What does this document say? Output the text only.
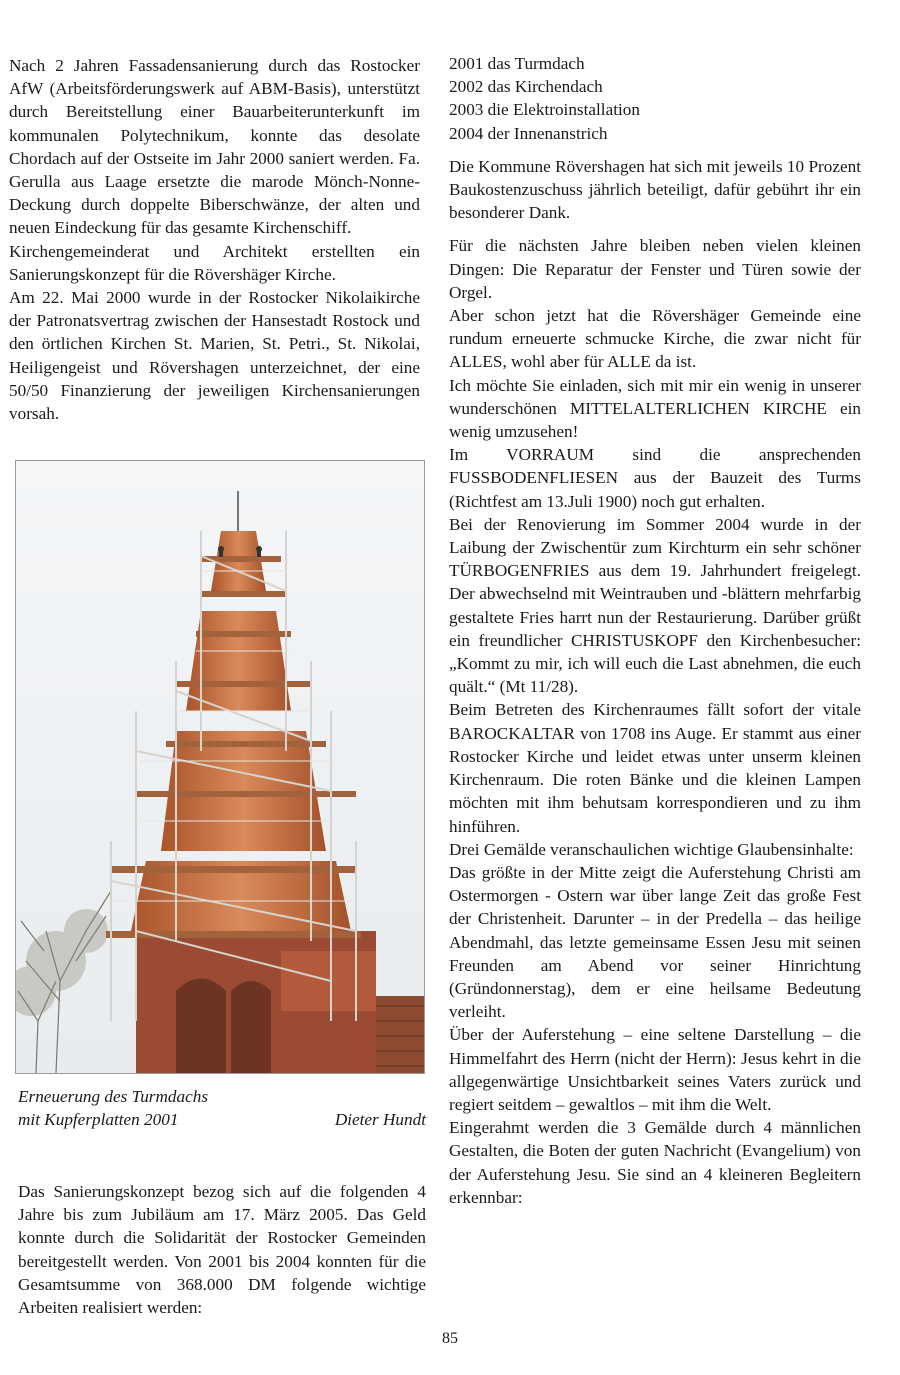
Nach 2 Jahren Fassadensanierung durch das Rostocker AfW (Arbeitsförderungswerk auf ABM-Basis), unterstützt durch Bereitstellung einer Bauarbeiterunterkunft im kommunalen Polytechnikum, konnte das desolate Chordach auf der Ostseite im Jahr 2000 saniert werden. Fa. Gerulla aus Laage ersetzte die marode Mönch-Nonne-Deckung durch doppelte Biberschwänze, der alten und neuen Eindeckung für das gesamte Kirchenschiff.

Kirchengemeinderat und Architekt erstellten ein Sanierungskonzept für die Rövershäger Kirche.

Am 22. Mai 2000 wurde in der Rostocker Nikolaikirche der Patronatsvertrag zwischen der Hansestadt Rostock und den örtlichen Kirchen St. Marien, St. Petri., St. Nikolai, Heiligengeist und Rövershagen unterzeichnet, der eine 50/50 Finanzierung der jeweiligen Kirchensanierungen vorsah.

Erneuerung des Turmdachs
mit Kupferplatten 2001	Dieter Hundt

Das Sanierungskonzept bezog sich auf die folgenden 4 Jahre bis zum Jubiläum am 17. März 2005. Das Geld konnte durch die Solidarität der Rostocker Gemeinden bereitgestellt werden. Von 2001 bis 2004 konnten für die Gesamtsumme von 368.000 DM folgende wichtige Arbeiten realisiert werden:

2001 das Turmdach

2002 das Kirchendach

2003 die Elektroinstallation

2004 der Innenanstrich

Die Kommune Rövershagen hat sich mit jeweils 10 Prozent Baukostenzuschuss jährlich beteiligt, dafür gebührt ihr ein besonderer Dank.

Für die nächsten Jahre bleiben neben vielen kleinen Dingen: Die Reparatur der Fenster und Türen sowie der Orgel.

Aber schon jetzt hat die Rövershäger Gemeinde eine rundum erneuerte schmucke Kirche, die zwar nicht für ALLES, wohl aber für ALLE da ist.

Ich möchte Sie einladen, sich mit mir ein wenig in unserer wunderschönen MITTELALTERLICHEN KIRCHE ein wenig umzusehen!

Im VORRAUM sind die ansprechenden FUSSBODENFLIESEN aus der Bauzeit des Turms (Richtfest am 13.Juli 1900) noch gut erhalten.

Bei der Renovierung im Sommer 2004 wurde in der Laibung der Zwischentür zum Kirchturm ein sehr schöner TÜRBOGENFRIES aus dem 19. Jahrhundert freigelegt. Der abwechselnd mit Weintrauben und -blättern mehrfarbig gestaltete Fries harrt nun der Restaurierung. Darüber grüßt ein freundlicher CHRISTUSKOPF den Kirchenbesucher: „Kommt zu mir, ich will euch die Last abnehmen, die euch quält.“ (Mt 11/28).

Beim Betreten des Kirchenraumes fällt sofort der vitale BAROCKALTAR von 1708 ins Auge. Er stammt aus einer Rostocker Kirche und leidet etwas unter unserm kleinen Kirchenraum. Die roten Bänke und die kleinen Lampen möchten mit ihm behutsam korrespondieren und zu ihm hinführen.

Drei Gemälde veranschaulichen wichtige Glaubensinhalte:

Das größte in der Mitte zeigt die Auferstehung Christi am Ostermorgen - Ostern war über lange Zeit das große Fest der Christenheit. Darunter – in der Predella – das heilige Abendmahl, das letzte gemeinsame Essen Jesu mit seinen Freunden am Abend vor seiner Hinrichtung (Gründonnerstag), dem er eine heilsame Bedeutung verleiht.

Über der Auferstehung – eine seltene Darstellung – die Himmelfahrt des Herrn (nicht der Herrn): Jesus kehrt in die allgegenwärtige Unsichtbarkeit seines Vaters zurück und regiert seitdem – gewaltlos – mit ihm die Welt.

Eingerahmt werden die 3 Gemälde durch 4 männlichen Gestalten, die Boten der guten Nachricht (Evangelium) von der Auferstehung Jesu. Sie sind an 4 kleineren Begleitern erkennbar:

85
